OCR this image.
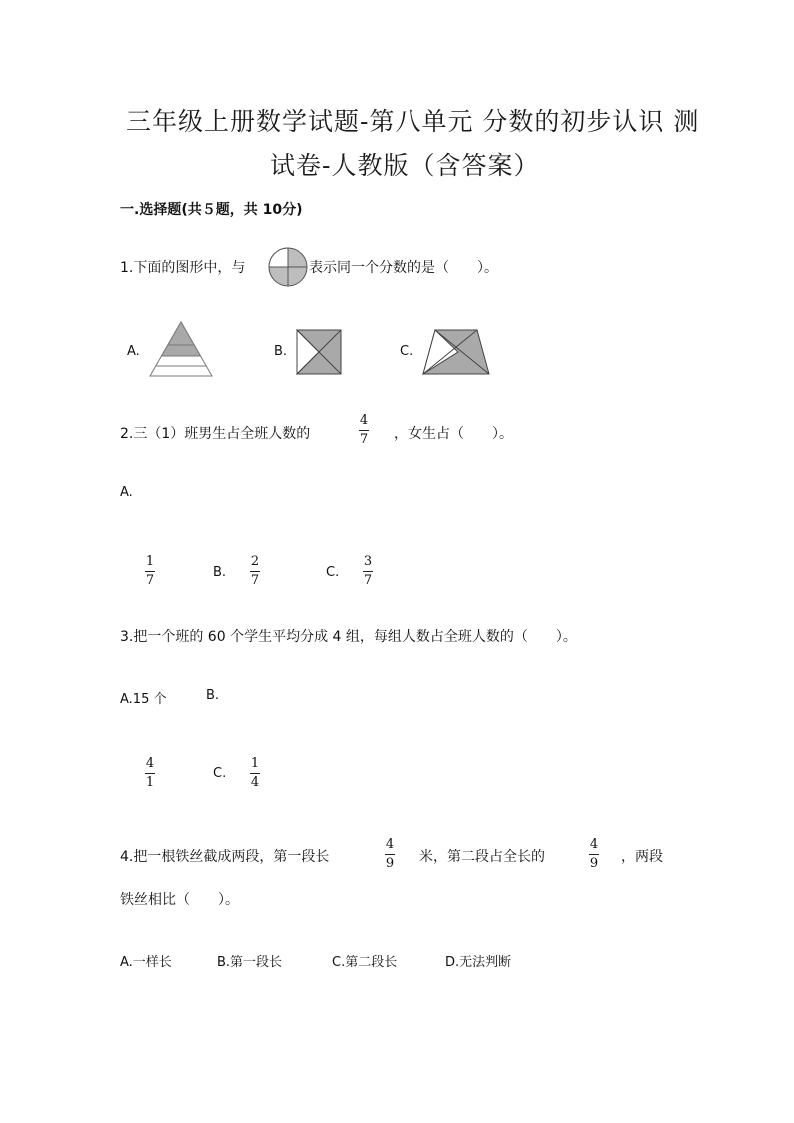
三年级上册数学试题-第八单元 分数的初步认识 测
试卷-人教版（含答案）
一.选择题(共５题，共 10分)
1.下面的图形中，与	表示同一个分数的是（　　）。
A.	B.	C.
2.三（1）班男生占全班人数的
4
7 ，女生占（　　）。
A.
1
7
B.
2
7
C.
3
7
3.把一个班的 60 个学生平均分成 4 组，每组人数占全班人数的（　　）。
A.15 个	B.
4
1
C.
1
4
4.把一根铁丝截成两段，第一段长
4
9 米，第二段占全长的
4
9 ，两段
铁丝相比（　　）。
A.一样长	B.第一段长	C.第二段长	D.无法判断
